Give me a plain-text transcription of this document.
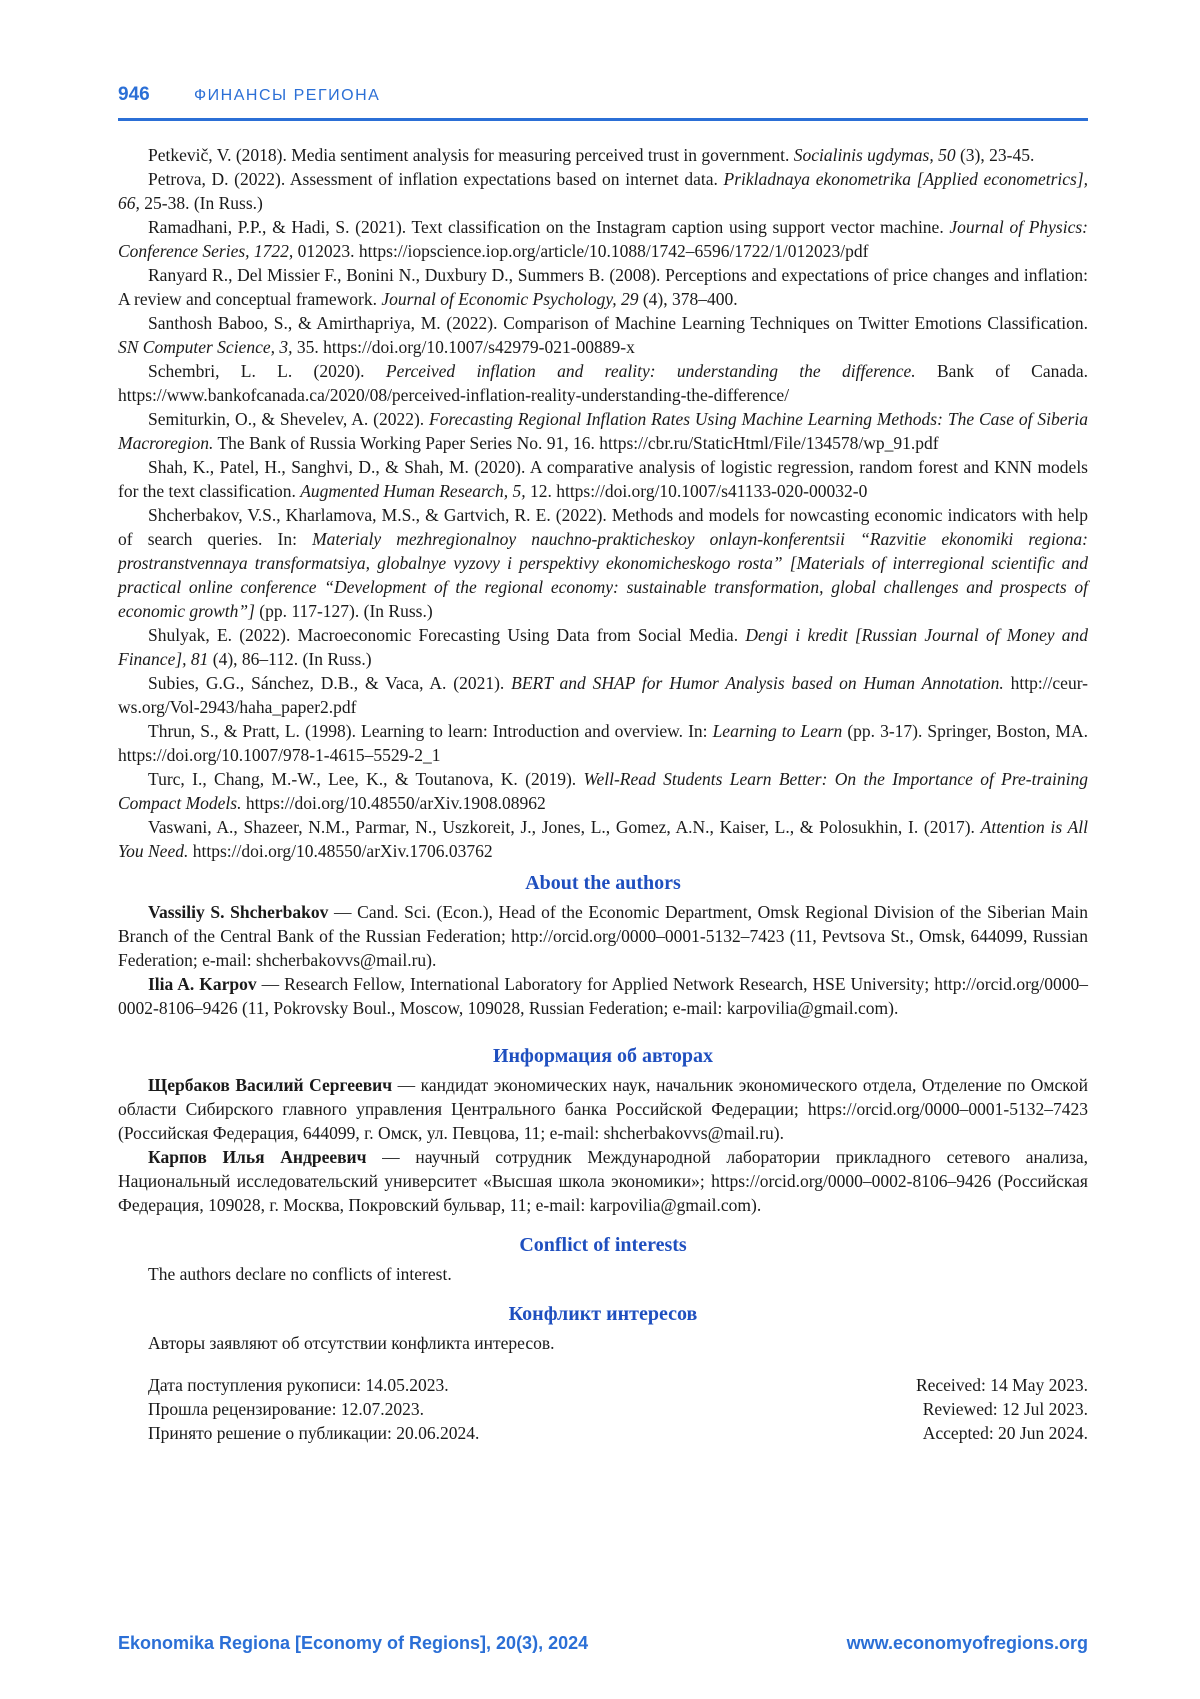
946	ФИНАНСЫ РЕГИОНА

Petkevič, V. (2018). Media sentiment analysis for measuring perceived trust in government. Socialinis ugdymas, 50 (3), 23-45.

Petrova, D. (2022). Assessment of inflation expectations based on internet data. Prikladnaya ekonometrika [Applied econometrics], 66, 25-38. (In Russ.)

Ramadhani, P.P., & Hadi, S. (2021). Text classification on the Instagram caption using support vector machine. Journal of Physics: Conference Series, 1722, 012023. https://iopscience.iop.org/article/10.1088/1742–6596/1722/1/012023/pdf

Ranyard R., Del Missier F., Bonini N., Duxbury D., Summers B. (2008). Perceptions and expectations of price changes and inflation: A review and conceptual framework. Journal of Economic Psychology, 29 (4), 378–400.

Santhosh Baboo, S., & Amirthapriya, M. (2022). Comparison of Machine Learning Techniques on Twitter Emotions Classification. SN Computer Science, 3, 35. https://doi.org/10.1007/s42979-021-00889-x

Schembri, L. L. (2020). Perceived inflation and reality: understanding the difference. Bank of Canada. https://www.bankofcanada.ca/2020/08/perceived-inflation-reality-understanding-the-difference/

Semiturkin, O., & Shevelev, A. (2022). Forecasting Regional Inflation Rates Using Machine Learning Methods: The Case of Siberia Macroregion. The Bank of Russia Working Paper Series No. 91, 16. https://cbr.ru/StaticHtml/File/134578/wp_91.pdf

Shah, K., Patel, H., Sanghvi, D., & Shah, M. (2020). A comparative analysis of logistic regression, random forest and KNN models for the text classification. Augmented Human Research, 5, 12. https://doi.org/10.1007/s41133-020-00032-0

Shcherbakov, V.S., Kharlamova, M.S., & Gartvich, R. E. (2022). Methods and models for nowcasting economic indicators with help of search queries. In: Materialy mezhregionalnoy nauchno-prakticheskoy onlayn-konferentsii “Razvitie ekonomiki regiona: prostranstvennaya transformatsiya, globalnye vyzovy i perspektivy ekonomicheskogo rosta” [Materials of interregional scientific and practical online conference “Development of the regional economy: sustainable transformation, global challenges and prospects of economic growth”] (pp. 117-127). (In Russ.)

Shulyak, E. (2022). Macroeconomic Forecasting Using Data from Social Media. Dengi i kredit [Russian Journal of Money and Finance], 81 (4), 86–112. (In Russ.)

Subies, G.G., Sánchez, D.B., & Vaca, A. (2021). BERT and SHAP for Humor Analysis based on Human Annotation. http://ceur-ws.org/Vol-2943/haha_paper2.pdf

Thrun, S., & Pratt, L. (1998). Learning to learn: Introduction and overview. In: Learning to Learn (pp. 3-17). Springer, Boston, MA. https://doi.org/10.1007/978-1-4615–5529-2_1

Turc, I., Chang, M.-W., Lee, K., & Toutanova, K. (2019). Well-Read Students Learn Better: On the Importance of Pre-training Compact Models. https://doi.org/10.48550/arXiv.1908.08962

Vaswani, A., Shazeer, N.M., Parmar, N., Uszkoreit, J., Jones, L., Gomez, A.N., Kaiser, L., & Polosukhin, I. (2017). Attention is All You Need. https://doi.org/10.48550/arXiv.1706.03762

About the authors

Vassiliy S. Shcherbakov — Cand. Sci. (Econ.), Head of the Economic Department, Omsk Regional Division of the Siberian Main Branch of the Central Bank of the Russian Federation; http://orcid.org/0000–0001-5132–7423 (11, Pevtsova St., Omsk, 644099, Russian Federation; e-mail: shcherbakovvs@mail.ru).

Ilia A. Karpov — Research Fellow, International Laboratory for Applied Network Research, HSE University; http://orcid.org/0000–0002-8106–9426 (11, Pokrovsky Boul., Moscow, 109028, Russian Federation; e-mail: karpovilia@gmail.com).

Информация об авторах

Щербаков Василий Сергеевич — кандидат экономических наук, начальник экономического отдела, Отделение по Омской области Сибирского главного управления Центрального банка Российской Федерации; https://orcid.org/0000–0001-5132–7423 (Российская Федерация, 644099, г. Омск, ул. Певцова, 11; e-mail: shcherbakovvs@mail.ru).

Карпов Илья Андреевич — научный сотрудник Международной лаборатории прикладного сетевого анализа, Национальный исследовательский университет «Высшая школа экономики»; https://orcid.org/0000–0002-8106–9426 (Российская Федерация, 109028, г. Москва, Покровский бульвар, 11; e-mail: karpovilia@gmail.com).

Conflict of interests

The authors declare no conflicts of interest.

Конфликт интересов

Авторы заявляют об отсутствии конфликта интересов.

Дата поступления рукописи: 14.05.2023.
Прошла рецензирование: 12.07.2023.
Принято решение о публикации: 20.06.2024.
Received: 14 May 2023.
Reviewed: 12 Jul 2023.
Accepted: 20 Jun 2024.
Ekonomika Regiona [Economy of Regions], 20(3), 2024	www.economyofregions.org
